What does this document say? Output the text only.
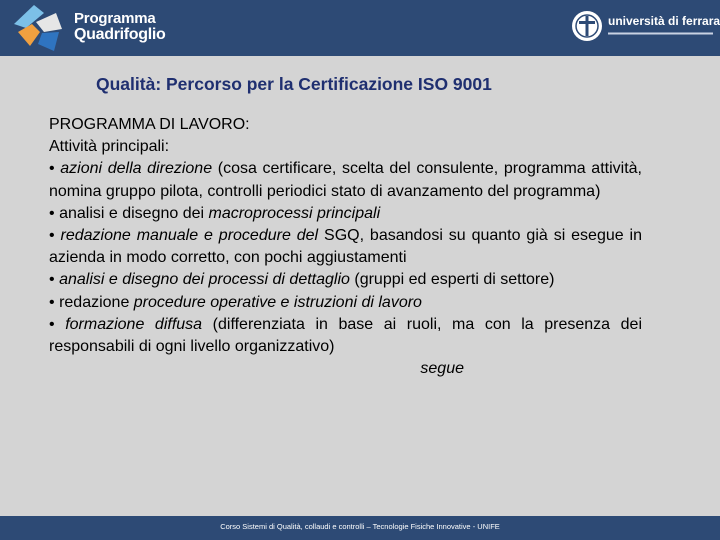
Programma
Quadrifoglio
università di ferrara
Qualità: Percorso per la Certificazione ISO 9001

PROGRAMMA DI LAVORO:

Attività principali:

• azioni della direzione (cosa certificare, scelta del consulente, programma attività, nomina gruppo pilota, controlli periodici stato di avanzamento del programma)

• analisi e disegno dei macroprocessi principali

• redazione manuale e procedure del SGQ, basandosi su quanto già si esegue in azienda in modo corretto, con pochi aggiustamenti

• analisi e disegno dei processi di dettaglio (gruppi ed esperti di settore)

• redazione procedure operative e istruzioni di lavoro

• formazione diffusa (differenziata in base ai ruoli, ma con la presenza dei responsabili di ogni livello organizzativo)

segue

Corso Sistemi di Qualità, collaudi e controlli – Tecnologie Fisiche Innovative - UNIFE
